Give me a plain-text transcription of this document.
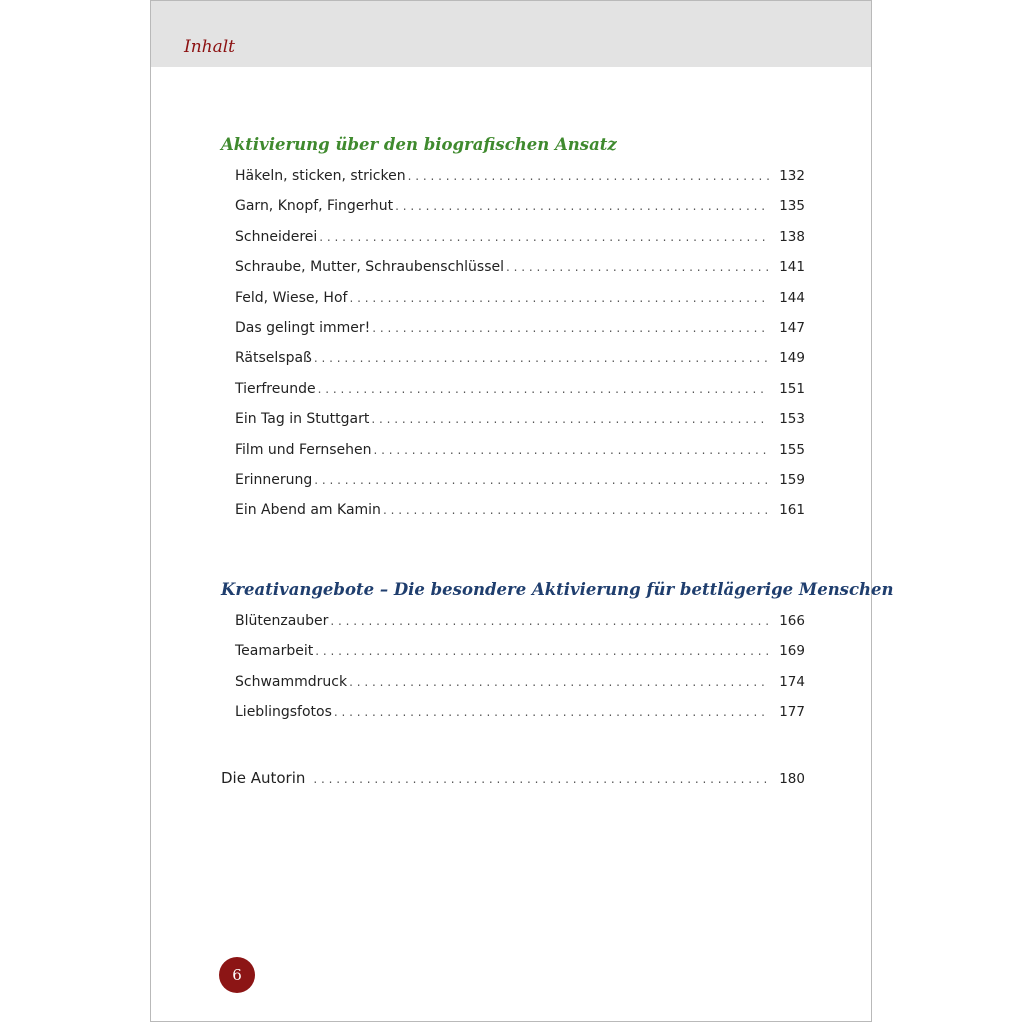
Inhalt
Aktivierung über den biografischen Ansatz
Häkeln, sticken, stricken . . .	132
Garn, Knopf, Fingerhut . . .	135
Schneiderei . . .	138
Schraube, Mutter, Schraubenschlüssel . . .	141
Feld, Wiese, Hof . . .	144
Das gelingt immer! . . .	147
Rätselspaß . . .	149
Tierfreunde . . .	151
Ein Tag in Stuttgart . . .	153
Film und Fernsehen . . .	155
Erinnerung . . .	159
Ein Abend am Kamin . . .	161
Kreativangebote – Die besondere Aktivierung für bettlägerige Menschen
Blütenzauber . . .	166
Teamarbeit . . .	169
Schwammdruck . . .	174
Lieblingsfotos . . .	177
Die Autorin . . .	180
6
